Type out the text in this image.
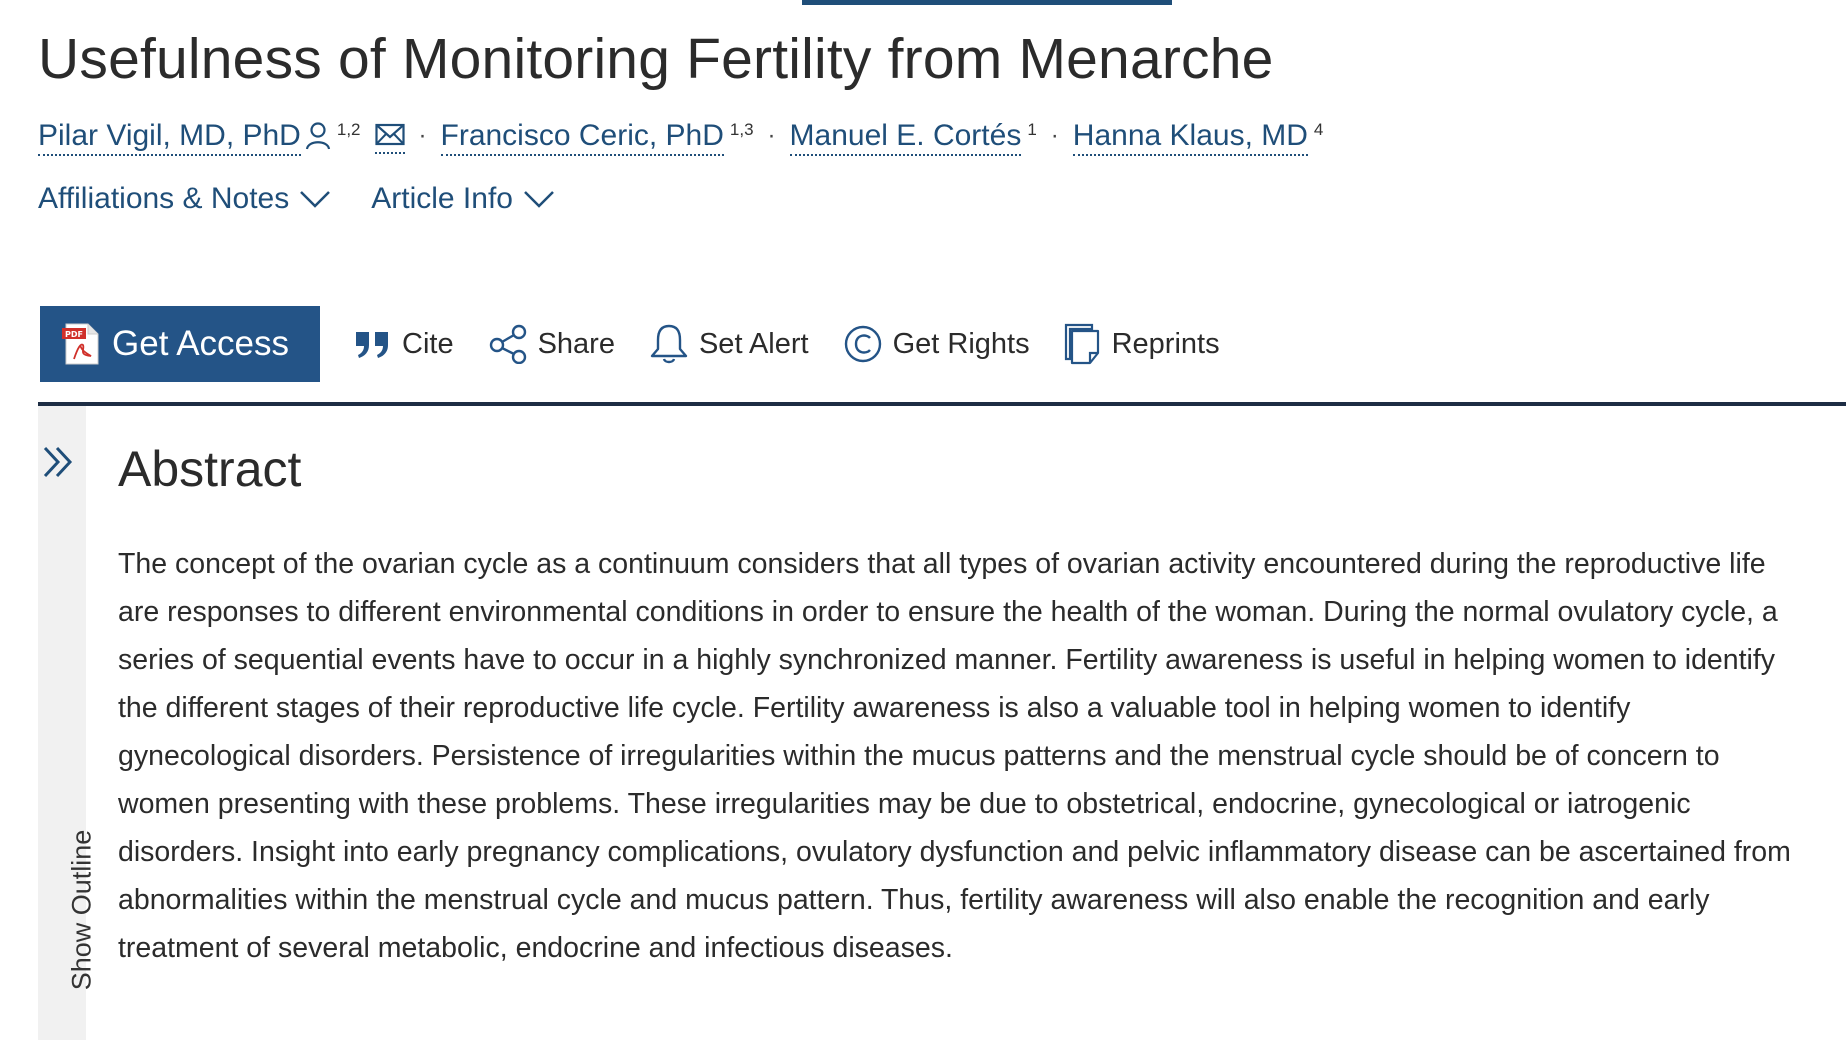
Usefulness of Monitoring Fertility from Menarche
Pilar Vigil, MD, PhD 1,2 · Francisco Ceric, PhD 1,3 · Manuel E. Cortés 1 · Hanna Klaus, MD 4
Affiliations & Notes	Article Info
PDF Get Access	Cite	Share	Set Alert	Get Rights	Reprints
Show Outline
Abstract

The concept of the ovarian cycle as a continuum considers that all types of ovarian activity encountered during the reproductive life are responses to different environmental conditions in order to ensure the health of the woman. During the normal ovulatory cycle, a series of sequential events have to occur in a highly synchronized manner. Fertility awareness is useful in helping women to identify the different stages of their reproductive life cycle. Fertility awareness is also a valuable tool in helping women to identify gynecological disorders. Persistence of irregularities within the mucus patterns and the menstrual cycle should be of concern to women presenting with these problems. These irregularities may be due to obstetrical, endocrine, gynecological or iatrogenic disorders. Insight into early pregnancy complications, ovulatory dysfunction and pelvic inflammatory disease can be ascertained from abnormalities within the menstrual cycle and mucus pattern. Thus, fertility awareness will also enable the recognition and early treatment of several metabolic, endocrine and infectious diseases.
